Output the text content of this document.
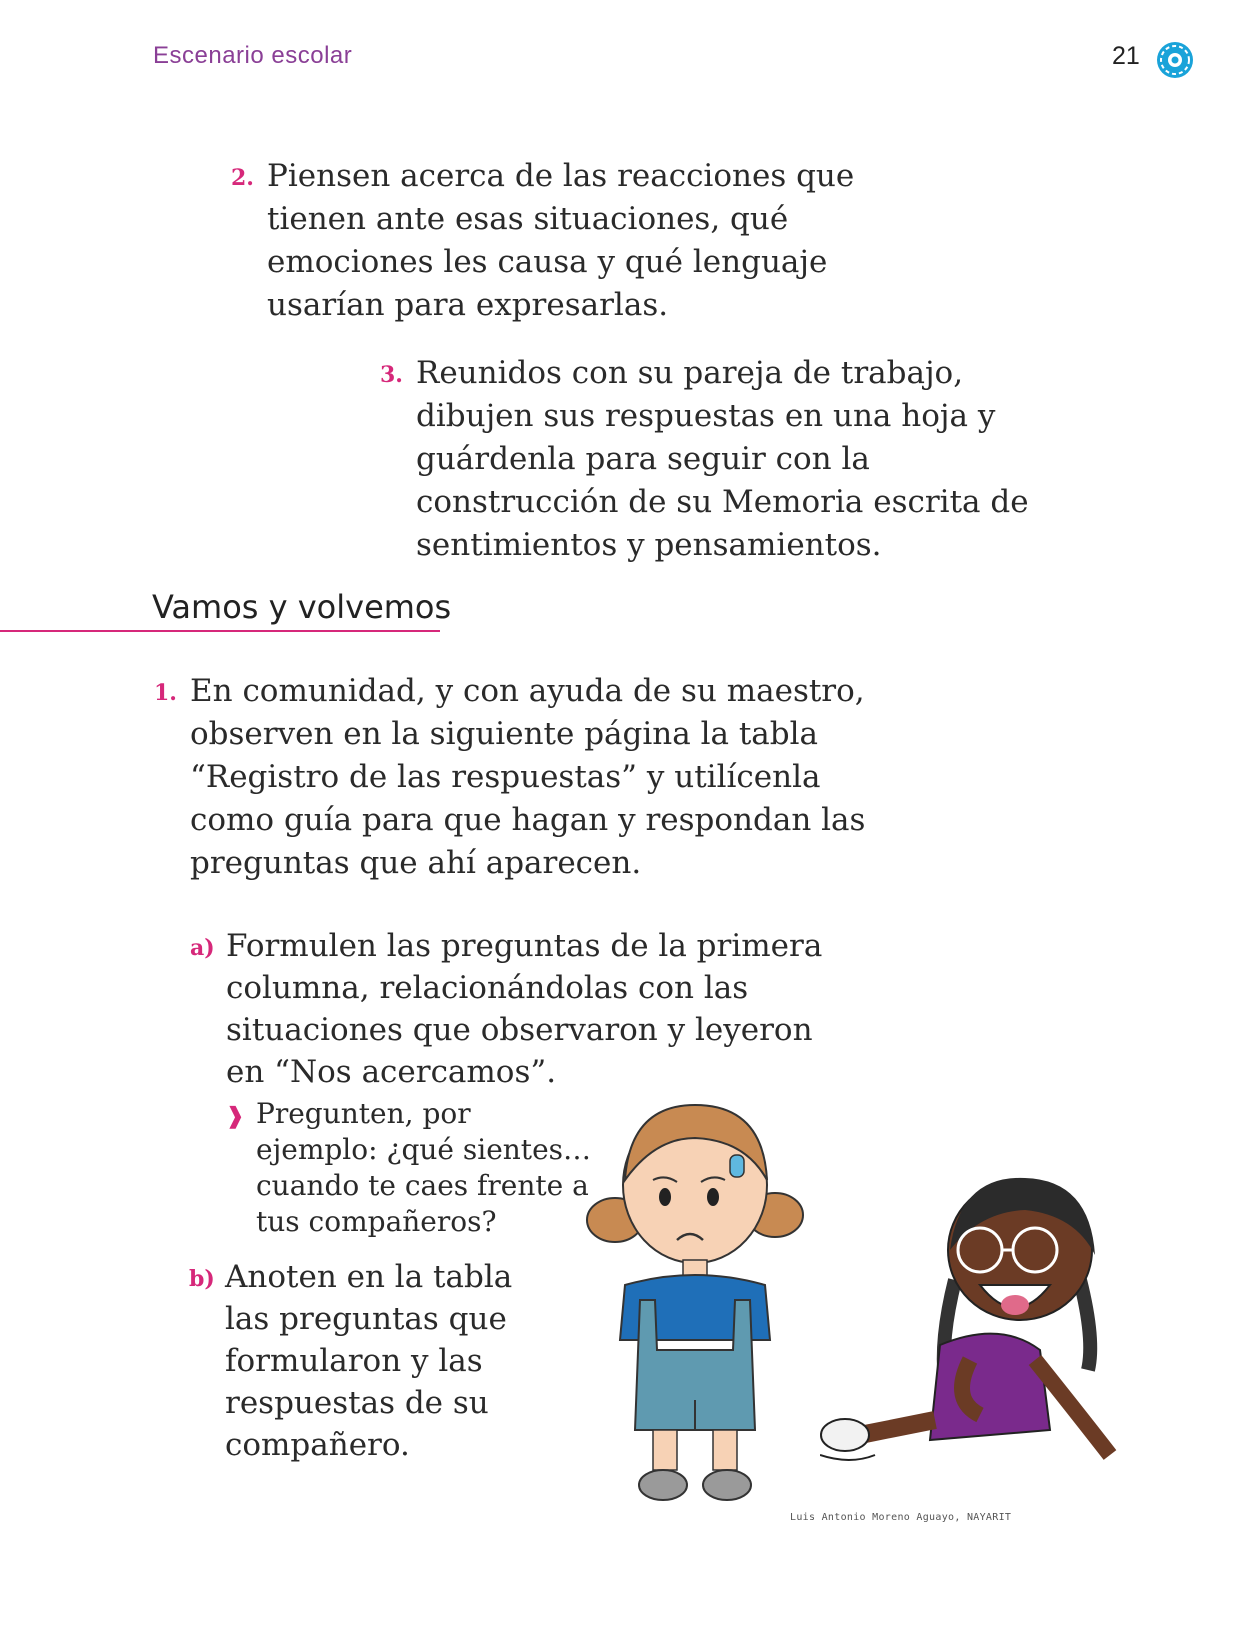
Escenario escolar	21
2. Piensen acerca de las reacciones que tienen ante esas situaciones, qué emociones les causa y qué lenguaje usarían para expresarlas.
3. Reunidos con su pareja de trabajo, dibujen sus respuestas en una hoja y guárdenla para seguir con la construcción de su Memoria escrita de sentimientos y pensamientos.
Vamos y volvemos
1. En comunidad, y con ayuda de su maestro, observen en la siguiente página la tabla “Registro de las respuestas” y utilícenla como guía para que hagan y respondan las preguntas que ahí aparecen.
a) Formulen las preguntas de la primera columna, relacionándolas con las situaciones que observaron y leyeron en “Nos acercamos”.
❱ Pregunten, por ejemplo: ¿qué sientes… cuando te caes frente a tus compañeros?
b) Anoten en la tabla las preguntas que formularon y las respuestas de su compañero.
Luis Antonio Moreno Aguayo, NAYARIT
